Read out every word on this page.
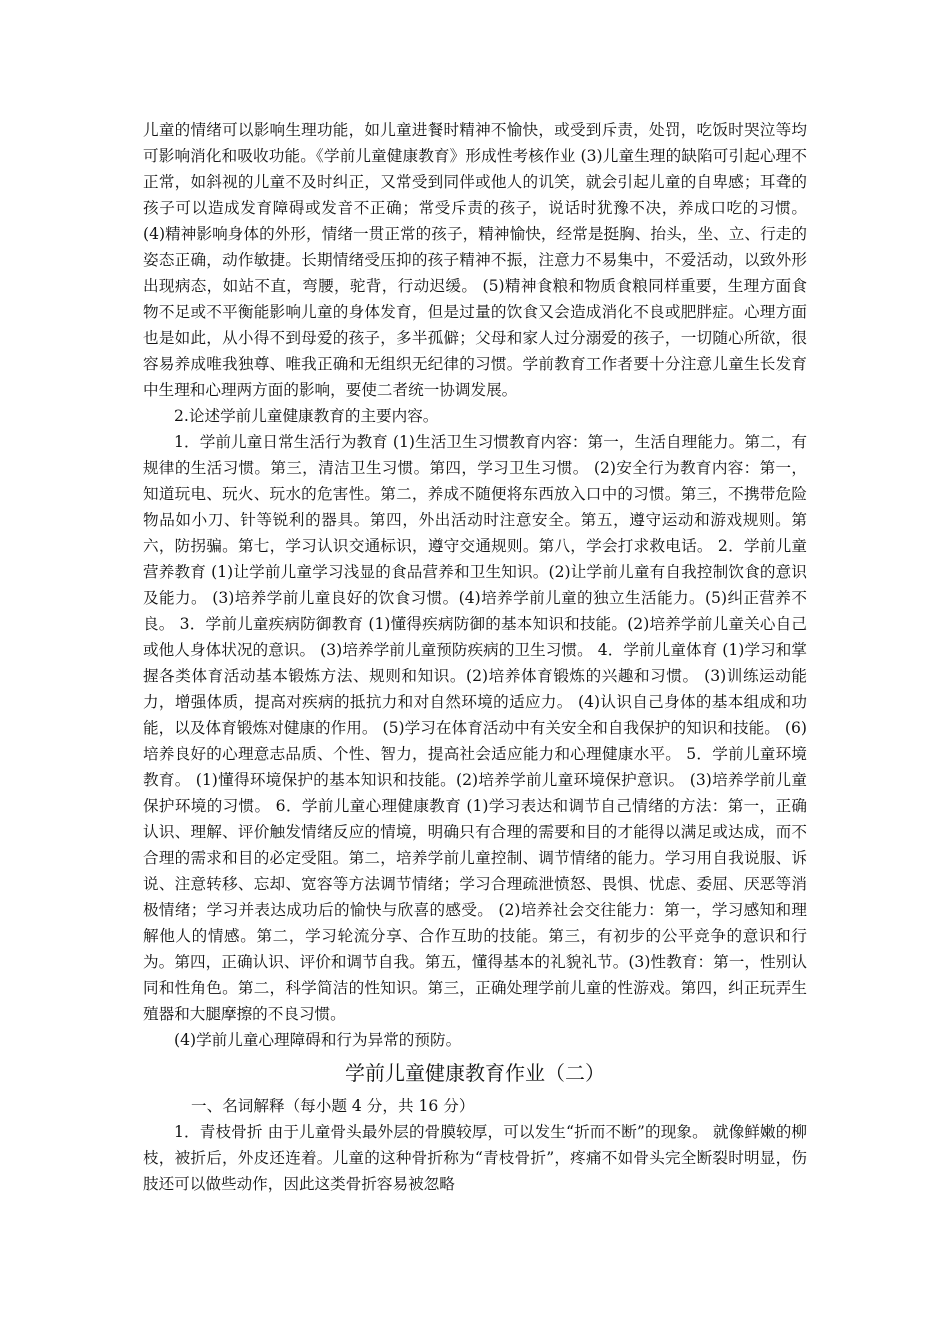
儿童的情绪可以影响生理功能，如儿童进餐时精神不愉快，或受到斥责，处罚，吃饭时哭泣等均可影响消化和吸收功能。《学前儿童健康教育》形成性考核作业 (3)儿童生理的缺陷可引起心理不正常，如斜视的儿童不及时纠正，又常受到同伴或他人的讥笑，就会引起儿童的自卑感；耳聋的孩子可以造成发育障碍或发音不正确；常受斥责的孩子，说话时犹豫不决，养成口吃的习惯。 (4)精神影响身体的外形，情绪一贯正常的孩子，精神愉快，经常是挺胸、抬头，坐、立、行走的姿态正确，动作敏捷。长期情绪受压抑的孩子精神不振，注意力不易集中，不爱活动，以致外形出现病态，如站不直，弯腰，驼背，行动迟缓。 (5)精神食粮和物质食粮同样重要，生理方面食物不足或不平衡能影响儿童的身体发育，但是过量的饮食又会造成消化不良或肥胖症。心理方面也是如此，从小得不到母爱的孩子，多半孤僻；父母和家人过分溺爱的孩子，一切随心所欲，很容易养成唯我独尊、唯我正确和无组织无纪律的习惯。学前教育工作者要十分注意儿童生长发育中生理和心理两方面的影响，要使二者统一协调发展。

2.论述学前儿童健康教育的主要内容。

1．学前儿童日常生活行为教育 (1)生活卫生习惯教育内容：第一，生活自理能力。第二，有规律的生活习惯。第三，清洁卫生习惯。第四，学习卫生习惯。 (2)安全行为教育内容：第一，知道玩电、玩火、玩水的危害性。第二，养成不随便将东西放入口中的习惯。第三，不携带危险物品如小刀、针等锐利的器具。第四，外出活动时注意安全。第五，遵守运动和游戏规则。第六，防拐骗。第七，学习认识交通标识，遵守交通规则。第八，学会打求救电话。 2．学前儿童营养教育 (1)让学前儿童学习浅显的食品营养和卫生知识。(2)让学前儿童有自我控制饮食的意识及能力。 (3)培养学前儿童良好的饮食习惯。(4)培养学前儿童的独立生活能力。(5)纠正营养不良。 3．学前儿童疾病防御教育 (1)懂得疾病防御的基本知识和技能。(2)培养学前儿童关心自己或他人身体状况的意识。 (3)培养学前儿童预防疾病的卫生习惯。 4．学前儿童体育 (1)学习和掌握各类体育活动基本锻炼方法、规则和知识。(2)培养体育锻炼的兴趣和习惯。 (3)训练运动能力，增强体质，提高对疾病的抵抗力和对自然环境的适应力。 (4)认识自己身体的基本组成和功能，以及体育锻炼对健康的作用。 (5)学习在体育活动中有关安全和自我保护的知识和技能。 (6)培养良好的心理意志品质、个性、智力，提高社会适应能力和心理健康水平。 5．学前儿童环境教育。 (1)懂得环境保护的基本知识和技能。(2)培养学前儿童环境保护意识。 (3)培养学前儿童保护环境的习惯。 6．学前儿童心理健康教育 (1)学习表达和调节自己情绪的方法：第一，正确认识、理解、评价触发情绪反应的情境，明确只有合理的需要和目的才能得以满足或达成，而不合理的需求和目的必定受阻。第二，培养学前儿童控制、调节情绪的能力。学习用自我说服、诉说、注意转移、忘却、宽容等方法调节情绪；学习合理疏泄愤怒、畏惧、忧虑、委屈、厌恶等消极情绪；学习并表达成功后的愉快与欣喜的感受。 (2)培养社会交往能力：第一，学习感知和理解他人的情感。第二，学习轮流分享、合作互助的技能。第三，有初步的公平竞争的意识和行为。第四，正确认识、评价和调节自我。第五，懂得基本的礼貌礼节。(3)性教育：第一，性别认同和性角色。第二，科学简洁的性知识。第三，正确处理学前儿童的性游戏。第四，纠正玩弄生殖器和大腿摩擦的不良习惯。

(4)学前儿童心理障碍和行为异常的预防。

学前儿童健康教育作业（二）

一、名词解释（每小题 4 分，共 16 分）

1．青枝骨折 由于儿童骨头最外层的骨膜较厚，可以发生“折而不断”的现象。 就像鲜嫩的柳枝，被折后，外皮还连着。儿童的这种骨折称为“青枝骨折”，疼痛不如骨头完全断裂时明显，伤肢还可以做些动作，因此这类骨折容易被忽略
